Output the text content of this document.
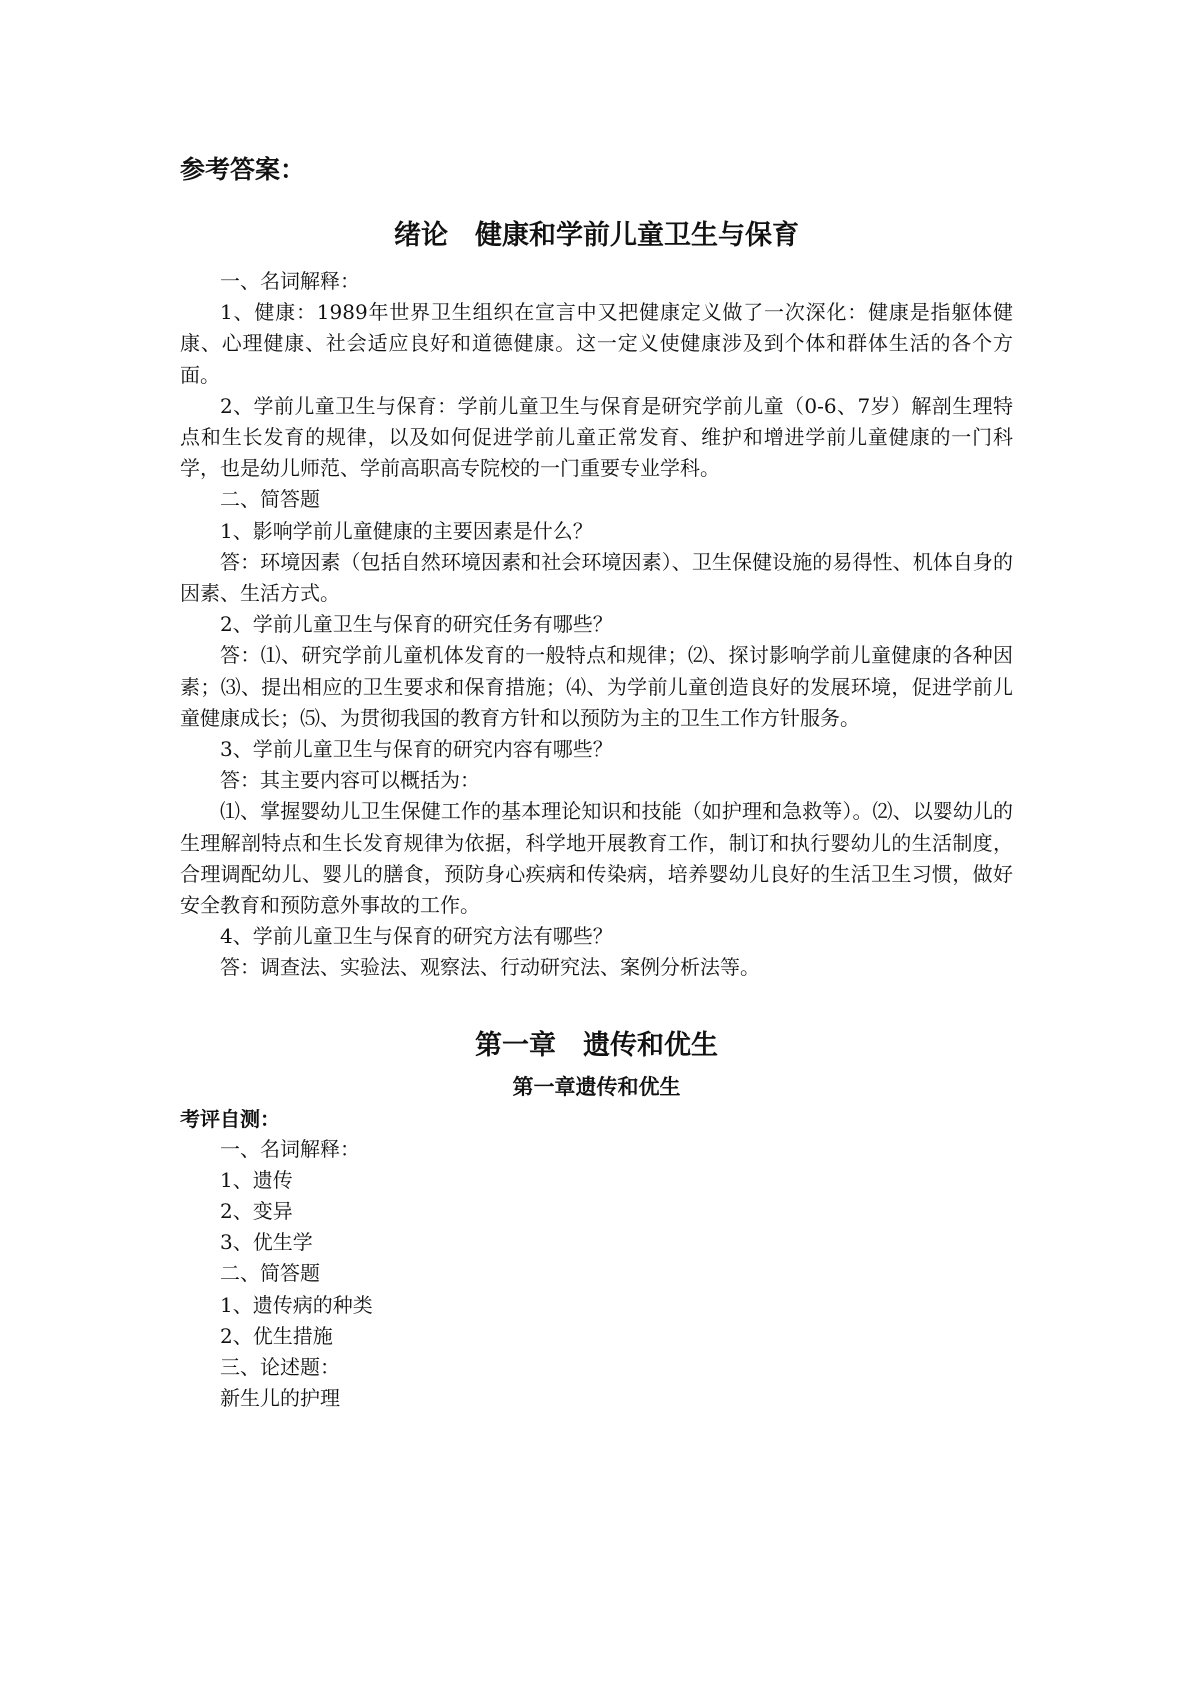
参考答案：
绪论　健康和学前儿童卫生与保育

一、名词解释：

1、健康：1989年世界卫生组织在宣言中又把健康定义做了一次深化：健康是指躯体健康、心理健康、社会适应良好和道德健康。这一定义使健康涉及到个体和群体生活的各个方面。

2、学前儿童卫生与保育：学前儿童卫生与保育是研究学前儿童（0-6、7岁）解剖生理特点和生长发育的规律，以及如何促进学前儿童正常发育、维护和增进学前儿童健康的一门科学，也是幼儿师范、学前高职高专院校的一门重要专业学科。

二、简答题

1、影响学前儿童健康的主要因素是什么？

答：环境因素（包括自然环境因素和社会环境因素）、卫生保健设施的易得性、机体自身的因素、生活方式。

2、学前儿童卫生与保育的研究任务有哪些？

答：⑴、研究学前儿童机体发育的一般特点和规律；⑵、探讨影响学前儿童健康的各种因素；⑶、提出相应的卫生要求和保育措施；⑷、为学前儿童创造良好的发展环境，促进学前儿童健康成长；⑸、为贯彻我国的教育方针和以预防为主的卫生工作方针服务。

3、学前儿童卫生与保育的研究内容有哪些？

答：其主要内容可以概括为：

⑴、掌握婴幼儿卫生保健工作的基本理论知识和技能（如护理和急救等）。⑵、以婴幼儿的生理解剖特点和生长发育规律为依据，科学地开展教育工作，制订和执行婴幼儿的生活制度，合理调配幼儿、婴儿的膳食，预防身心疾病和传染病，培养婴幼儿良好的生活卫生习惯，做好安全教育和预防意外事故的工作。

4、学前儿童卫生与保育的研究方法有哪些？

答：调查法、实验法、观察法、行动研究法、案例分析法等。

第一章　遗传和优生
第一章遗传和优生
考评自测：

一、名词解释：

1、遗传

2、变异

3、优生学

二、简答题

1、遗传病的种类

2、优生措施

三、论述题：

新生儿的护理
